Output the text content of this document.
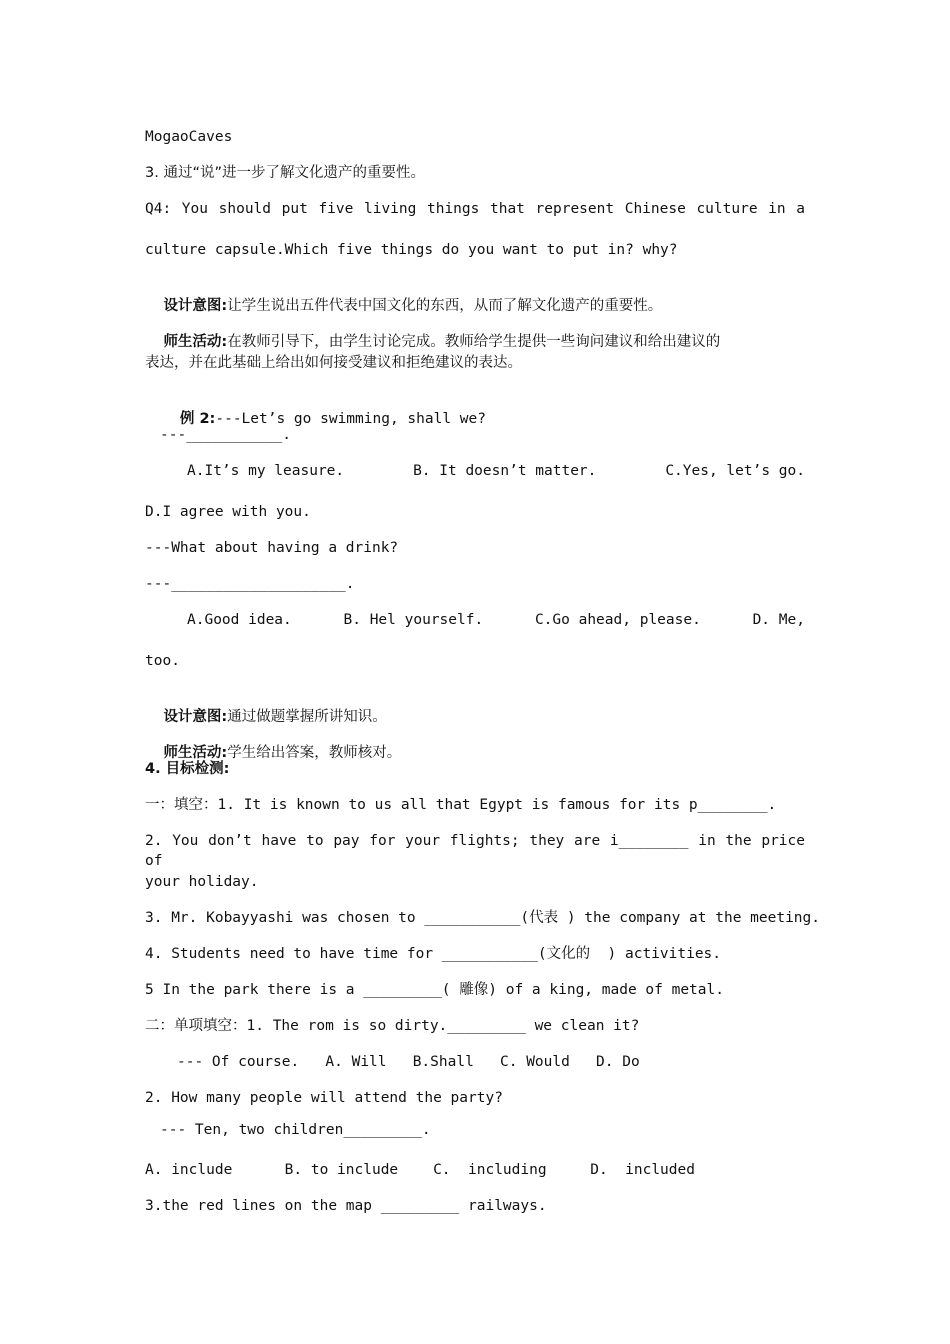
MogaoCaves
3. 通过“说”进一步了解文化遗产的重要性。
Q4: You should put five living things that represent Chinese culture in a
culture capsule.Which five things do you want to put in? why?

设计意图:让学生说出五件代表中国文化的东西，从而了解文化遗产的重要性。

师生活动:在教师引导下，由学生讨论完成。教师给学生提供一些询问建议和给出建议的

表达，并在此基础上给出如何接受建议和拒绝建议的表达。

例 2:---Let’s go swimming, shall we?

---___________.
A.It’s my leasure.	B. It doesn’t matter.	C.Yes, let’s go.
D.I agree with you.
---What about having a drink?
---____________________.
A.Good idea.	B. Hel yourself.	C.Go ahead, please.	D. Me,
too.

设计意图:通过做题掌握所讲知识。

师生活动:学生给出答案，教师核对。

4. 目标检测:
一：填空：1. It is known to us all that Egypt is famous for its p________.
2. You don’t have to pay for your flights; they are i________ in the price of
your holiday.
3. Mr. Kobayyashi was chosen to ___________(代表 ) the company at the meeting.
4. Students need to have time for ___________(文化的  ) activities.
5 In the park there is a _________( 雕像) of a king, made of metal.
二：单项填空：1. The rom is so dirty._________ we clean it?
--- Of course.   A. Will   B.Shall   C. Would   D. Do
2. How many people will attend the party?
--- Ten, two children_________.
A. include      B. to include    C.  including     D.  included
3.the red lines on the map _________ railways.
